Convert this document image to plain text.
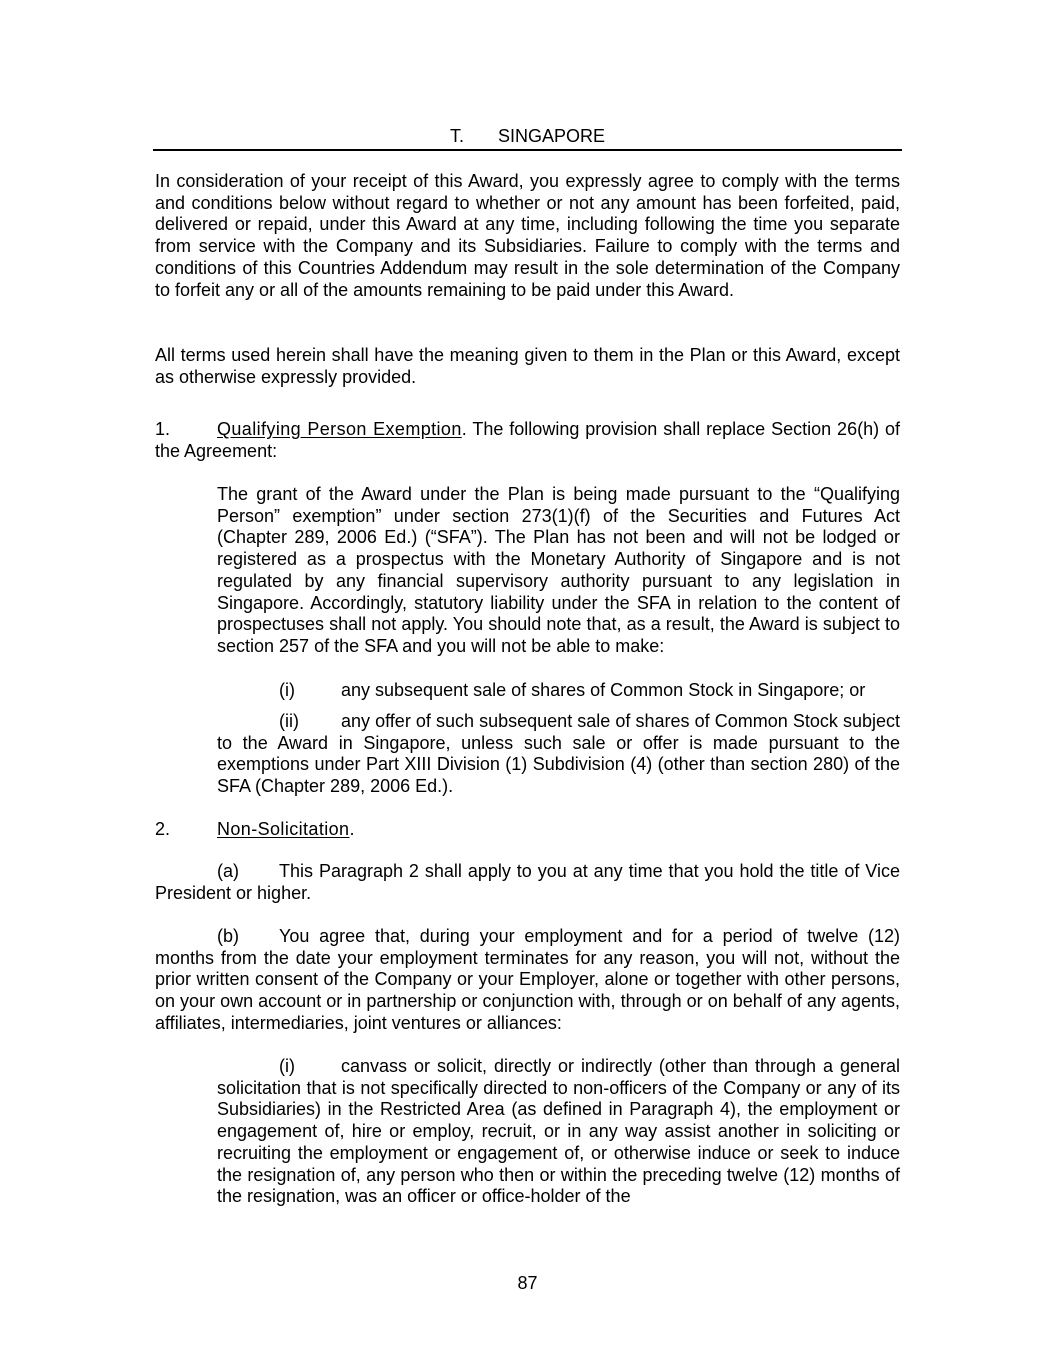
T. SINGAPORE

In consideration of your receipt of this Award, you expressly agree to comply with the terms and conditions below without regard to whether or not any amount has been forfeited, paid, delivered or repaid, under this Award at any time, including following the time you separate from service with the Company and its Subsidiaries. Failure to comply with the terms and conditions of this Countries Addendum may result in the sole determination of the Company to forfeit any or all of the amounts remaining to be paid under this Award.

All terms used herein shall have the meaning given to them in the Plan or this Award, except as otherwise expressly provided.

1.	Qualifying Person Exemption. The following provision shall replace Section 26(h) of the Agreement:

The grant of the Award under the Plan is being made pursuant to the “Qualifying Person” exemption” under section 273(1)(f) of the Securities and Futures Act (Chapter 289, 2006 Ed.) (“SFA”). The Plan has not been and will not be lodged or registered as a prospectus with the Monetary Authority of Singapore and is not regulated by any financial supervisory authority pursuant to any legislation in Singapore. Accordingly, statutory liability under the SFA in relation to the content of prospectuses shall not apply. You should note that, as a result, the Award is subject to section 257 of the SFA and you will not be able to make:

(i)	any subsequent sale of shares of Common Stock in Singapore; or

(ii) any offer of such subsequent sale of shares of Common Stock subject to the Award in Singapore, unless such sale or offer is made pursuant to the exemptions under Part XIII Division (1) Subdivision (4) (other than section 280) of the SFA (Chapter 289, 2006 Ed.).

2.	Non-Solicitation.

(a) This Paragraph 2 shall apply to you at any time that you hold the title of Vice President or higher.

(b) You agree that, during your employment and for a period of twelve (12) months from the date your employment terminates for any reason, you will not, without the prior written consent of the Company or your Employer, alone or together with other persons, on your own account or in partnership or conjunction with, through or on behalf of any agents, affiliates, intermediaries, joint ventures or alliances:

(i)	canvass or solicit, directly or indirectly (other than through a general solicitation that is not specifically directed to non-officers of the Company or any of its Subsidiaries) in the Restricted Area (as defined in Paragraph 4), the employment or engagement of, hire or employ, recruit, or in any way assist another in soliciting or recruiting the employment or engagement of, or otherwise induce or seek to induce the resignation of, any person who then or within the preceding twelve (12) months of the resignation, was an officer or office-holder of the

87
